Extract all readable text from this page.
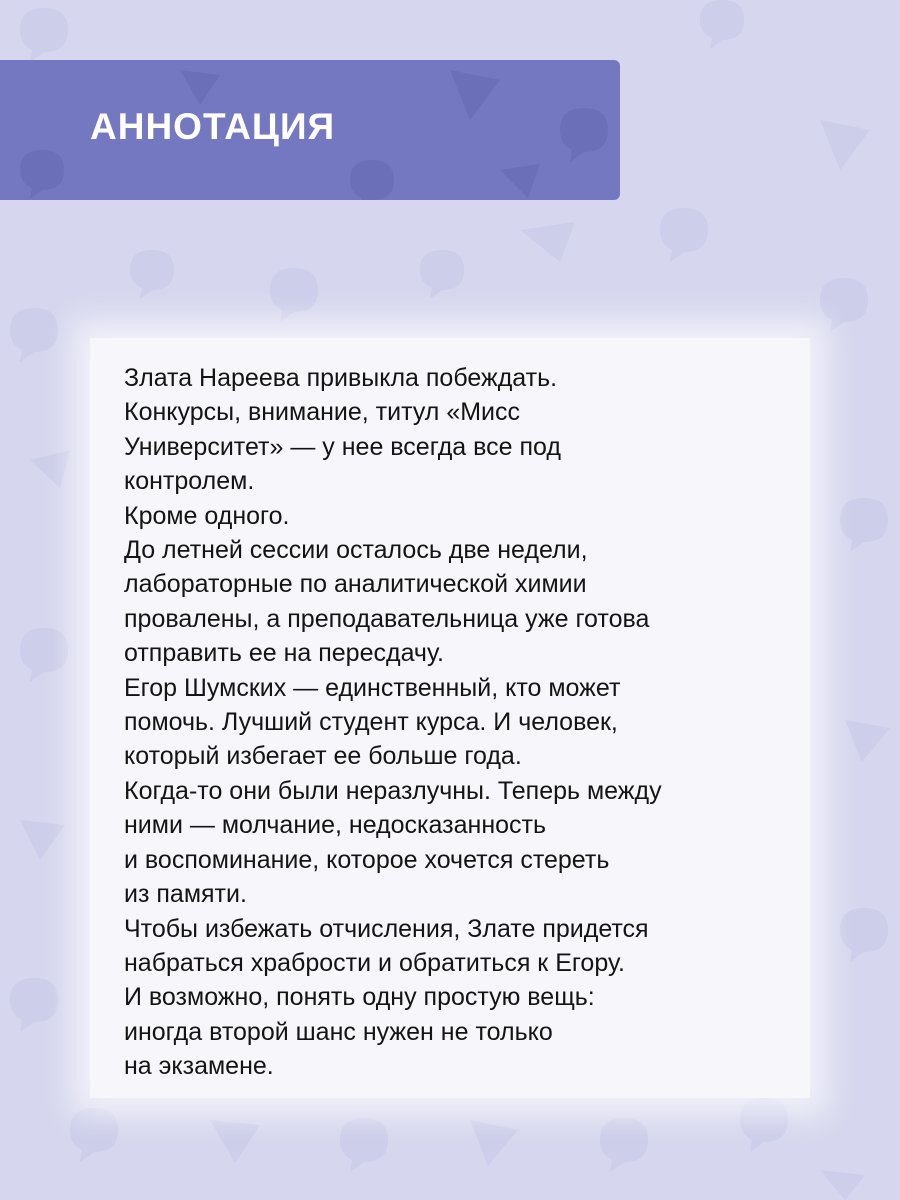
АННОТАЦИЯ
Злата Нареева привыкла побеждать.
Конкурсы, внимание, титул «Мисс
Университет» — у нее всегда все под
контролем.
Кроме одного.
До летней сессии осталось две недели,
лабораторные по аналитической химии
провалены, а преподавательница уже готова
отправить ее на пересдачу.
Егор Шумских — единственный, кто может
помочь. Лучший студент курса. И человек,
который избегает ее больше года.
Когда-то они были неразлучны. Теперь между
ними — молчание, недосказанность
и воспоминание, которое хочется стереть
из памяти.
Чтобы избежать отчисления, Злате придется
набраться храбрости и обратиться к Егору.
И возможно, понять одну простую вещь:
иногда второй шанс нужен не только
на экзамене.
